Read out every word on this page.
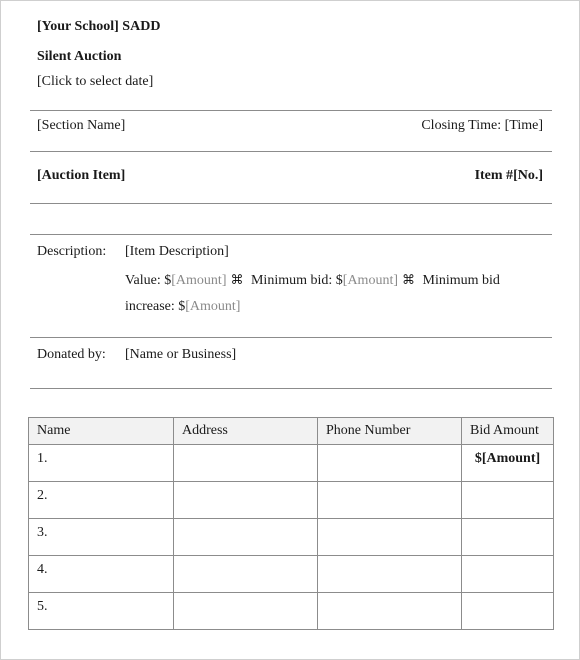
[Your School] SADD
Silent Auction
[Click to select date]
[Section Name]	Closing Time: [Time]
[Auction Item]	Item #[No.]
Description: [Item Description]
Value: $[Amount] ⌘ Minimum bid: $[Amount] ⌘ Minimum bid
increase: $[Amount]
Donated by: [Name or Business]
Name	Address	Phone Number	Bid Amount
1.			$[Amount]
2.			
3.			
4.			
5.			
